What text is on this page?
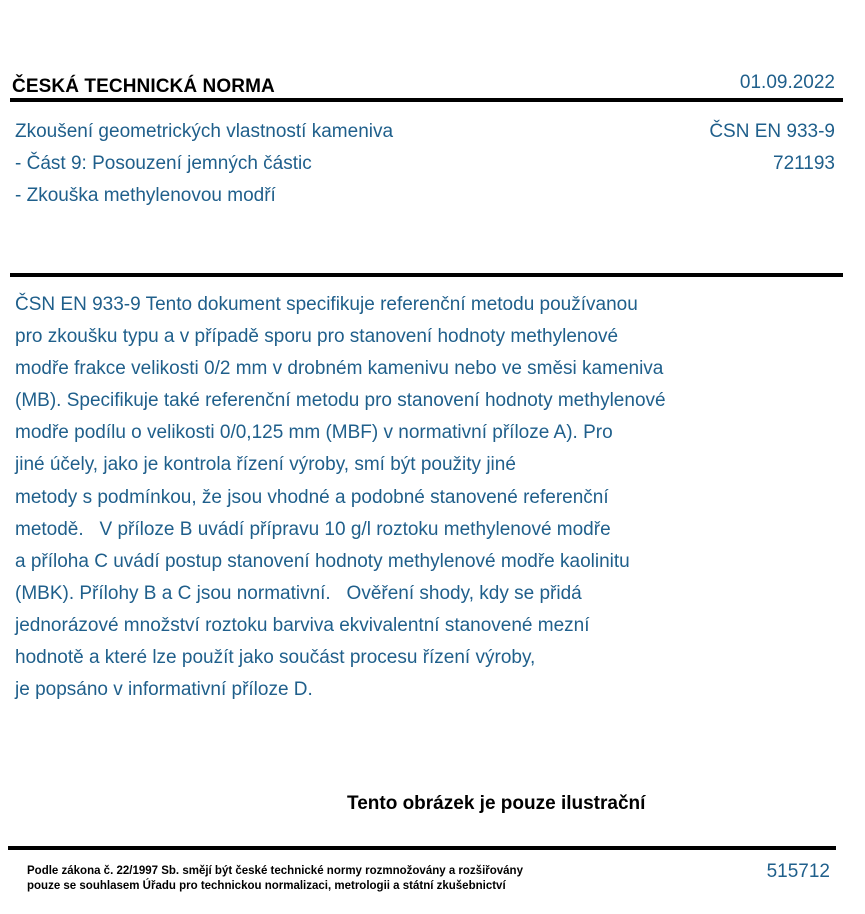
ČESKÁ TECHNICKÁ NORMA	01.09.2022
Zkoušení geometrických vlastností kameniva
- Část 9: Posouzení jemných částic
- Zkouška methylenovou modří
ČSN EN 933-9
721193
ČSN EN 933-9 Tento dokument specifikuje referenční metodu používanou
pro zkoušku typu a v případě sporu pro stanovení hodnoty methylenové
modře frakce velikosti 0/2 mm v drobném kamenivu nebo ve směsi kameniva
(MB). Specifikuje také referenční metodu pro stanovení hodnoty methylenové
modře podílu o velikosti 0/0,125 mm (MBF) v normativní příloze A). Pro
jiné účely, jako je kontrola řízení výroby, smí být použity jiné
metody s podmínkou, že jsou vhodné a podobné stanovené referenční
metodě.   V příloze B uvádí přípravu 10 g/l roztoku methylenové modře
a příloha C uvádí postup stanovení hodnoty methylenové modře kaolinitu
(MBK). Přílohy B a C jsou normativní.   Ověření shody, kdy se přidá
jednorázové množství roztoku barviva ekvivalentní stanovené mezní
hodnotě a které lze použít jako součást procesu řízení výroby,
je popsáno v informativní příloze D.
Tento obrázek je pouze ilustrační
Podle zákona č. 22/1997 Sb. smějí být české technické normy rozmnožovány a rozšiřovány
pouze se souhlasem Úřadu pro technickou normalizaci, metrologii a státní zkušebnictví
515712
